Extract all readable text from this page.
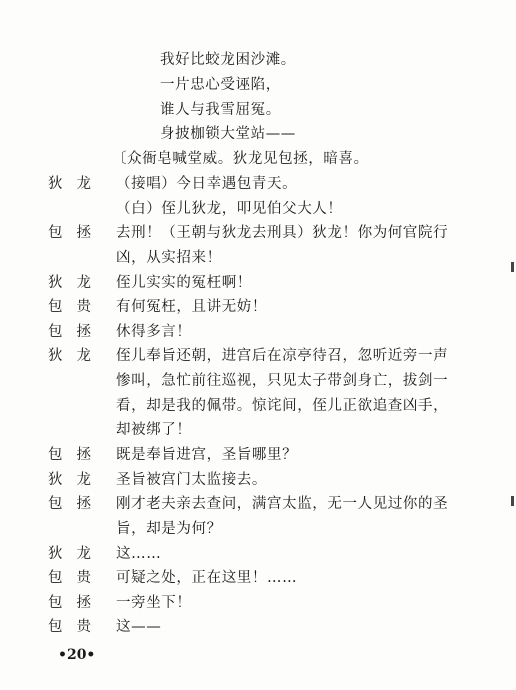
我好比蛟龙困沙滩。
一片忠心受诬陷，
谁人与我雪屈冤。
身披枷锁大堂站——
〔众衙皂喊堂威。狄龙见包拯，暗喜。
狄龙 （接唱）今日幸遇包青天。
（白）侄儿狄龙，叩见伯父大人！
包拯 去刑！（王朝与狄龙去刑具）狄龙！你为何官院行
凶，从实招来！
狄龙 侄儿实实的冤枉啊！
包贵 有何冤枉，且讲无妨！
包拯 休得多言！
狄龙 侄儿奉旨还朝，进宫后在凉亭待召，忽听近旁一声
惨叫，急忙前往巡视，只见太子带剑身亡，拔剑一
看，却是我的佩带。惊诧间，侄儿正欲追查凶手，
却被绑了！
包拯 既是奉旨进宫，圣旨哪里？
狄龙 圣旨被宫门太监接去。
包拯 刚才老夫亲去查问，满宫太监，无一人见过你的圣
旨，却是为何？
狄龙 这……
包贵 可疑之处，正在这里！……
包拯 一旁坐下！
包贵 这——
•20•
